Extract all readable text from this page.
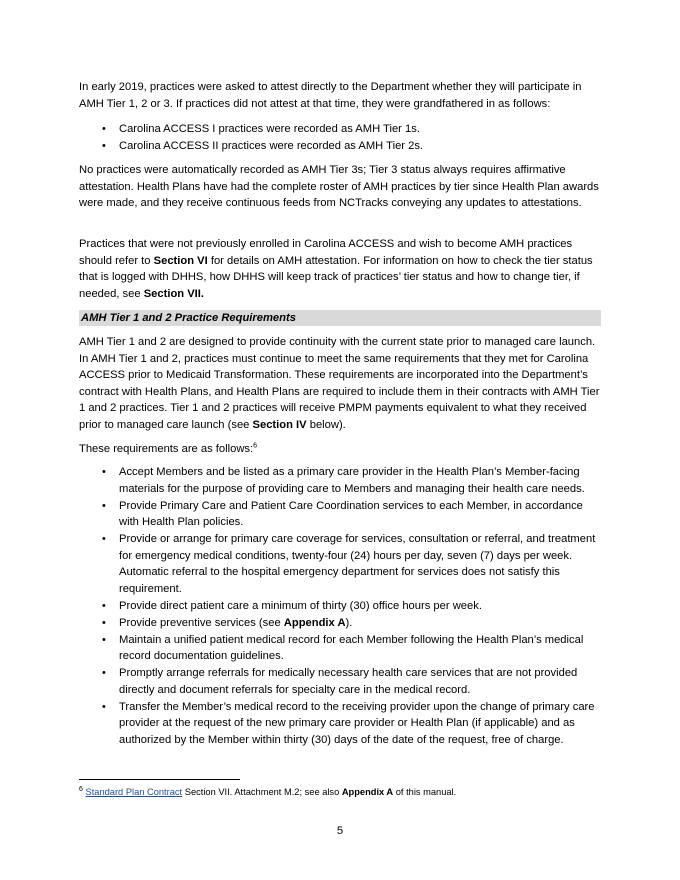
In early 2019, practices were asked to attest directly to the Department whether they will participate in AMH Tier 1, 2 or 3. If practices did not attest at that time, they were grandfathered in as follows:

• Carolina ACCESS I practices were recorded as AMH Tier 1s.
• Carolina ACCESS II practices were recorded as AMH Tier 2s.

No practices were automatically recorded as AMH Tier 3s; Tier 3 status always requires affirmative attestation. Health Plans have had the complete roster of AMH practices by tier since Health Plan awards were made, and they receive continuous feeds from NCTracks conveying any updates to attestations.

Practices that were not previously enrolled in Carolina ACCESS and wish to become AMH practices should refer to Section VI for details on AMH attestation. For information on how to check the tier status that is logged with DHHS, how DHHS will keep track of practices’ tier status and how to change tier, if needed, see Section VII.

AMH Tier 1 and 2 Practice Requirements

AMH Tier 1 and 2 are designed to provide continuity with the current state prior to managed care launch. In AMH Tier 1 and 2, practices must continue to meet the same requirements that they met for Carolina ACCESS prior to Medicaid Transformation. These requirements are incorporated into the Department’s contract with Health Plans, and Health Plans are required to include them in their contracts with AMH Tier 1 and 2 practices. Tier 1 and 2 practices will receive PMPM payments equivalent to what they received prior to managed care launch (see Section IV below).

These requirements are as follows:$^6$

• Accept Members and be listed as a primary care provider in the Health Plan’s Member-facing materials for the purpose of providing care to Members and managing their health care needs.
• Provide Primary Care and Patient Care Coordination services to each Member, in accordance with Health Plan policies.
• Provide or arrange for primary care coverage for services, consultation or referral, and treatment for emergency medical conditions, twenty-four (24) hours per day, seven (7) days per week. Automatic referral to the hospital emergency department for services does not satisfy this requirement.
• Provide direct patient care a minimum of thirty (30) office hours per week.
• Provide preventive services (see Appendix A).
• Maintain a unified patient medical record for each Member following the Health Plan’s medical record documentation guidelines.
• Promptly arrange referrals for medically necessary health care services that are not provided directly and document referrals for specialty care in the medical record.
• Transfer the Member’s medical record to the receiving provider upon the change of primary care provider at the request of the new primary care provider or Health Plan (if applicable) and as authorized by the Member within thirty (30) days of the date of the request, free of charge.

$^6$ Standard Plan Contract Section VII. Attachment M.2; see also Appendix A of this manual.

5
